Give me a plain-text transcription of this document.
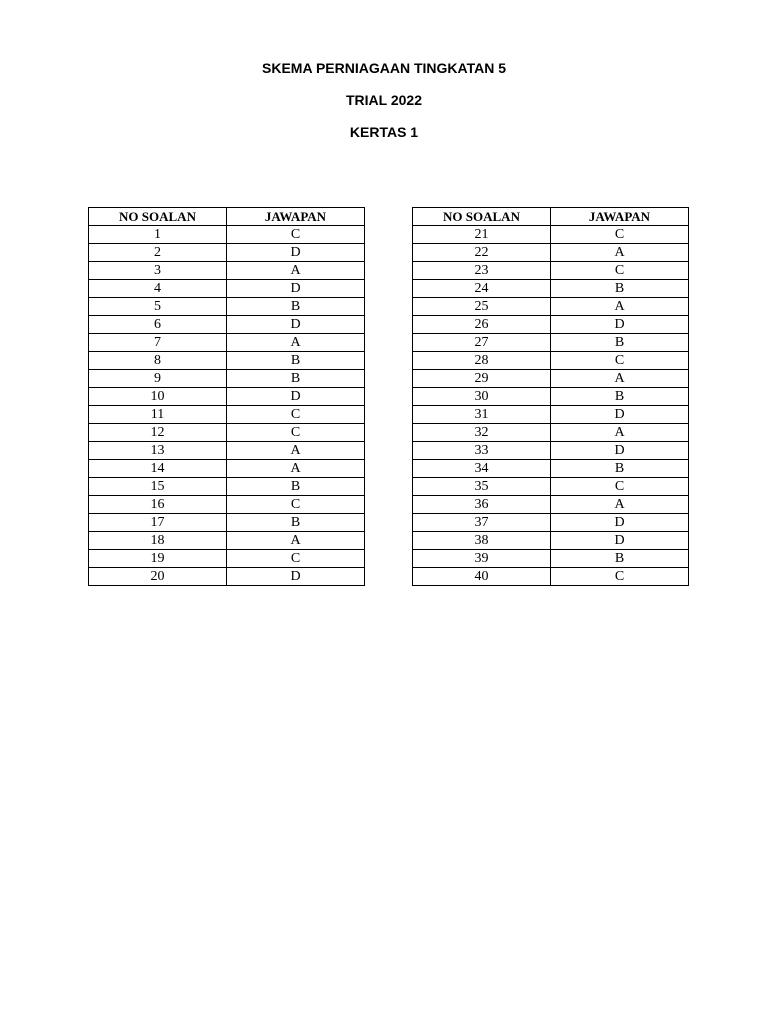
SKEMA PERNIAGAAN TINGKATAN 5
TRIAL 2022
KERTAS 1
NO SOALAN	JAWAPAN
1	C
2	D
3	A
4	D
5	B
6	D
7	A
8	B
9	B
10	D
11	C
12	C
13	A
14	A
15	B
16	C
17	B
18	A
19	C
20	D
NO SOALAN	JAWAPAN
21	C
22	A
23	C
24	B
25	A
26	D
27	B
28	C
29	A
30	B
31	D
32	A
33	D
34	B
35	C
36	A
37	D
38	D
39	B
40	C
